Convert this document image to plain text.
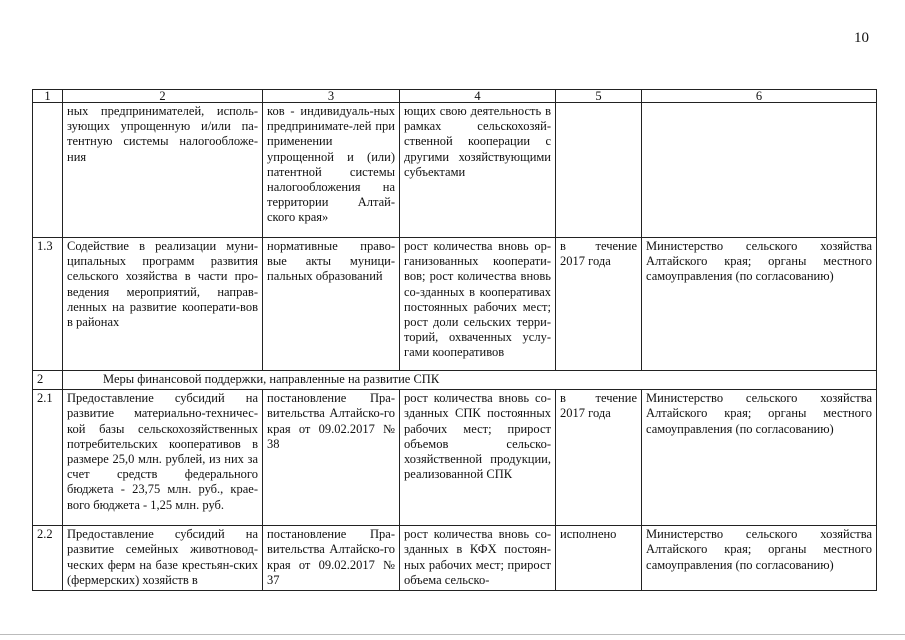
10
1	2	3	4	5	6
	ных предпринимателей, исполь-зующих упрощенную и/или па-тентную системы налогообложе-ния	ков - индивидуаль-ных предпринимате-лей при применении упрощенной и (или) патентной системы налогообложения на территории Алтай-ского края»	ющих свою деятельность в рамках сельскохозяй-ственной кооперации с другими хозяйствующими субъектами		
1.3	Содействие в реализации муни-ципальных программ развития сельского хозяйства в части про-ведения мероприятий, направ-ленных на развитие кооперати-вов в районах	нормативные право-вые акты муници-пальных образований	рост количества вновь ор-ганизованных кооперати-вов; рост количества вновь со-зданных в кооперативах постоянных рабочих мест; рост доли сельских терри-торий, охваченных услу-гами кооперативов	в течение 2017 года	Министерство сельского хозяйства Алтайского края; органы местного самоуправления (по согласованию)
2	Меры финансовой поддержки, направленные на развитие СПК				
2.1	Предоставление субсидий на развитие материально-техничес-кой базы сельскохозяйственных потребительских кооперативов в размере 25,0 млн. рублей, из них за счет средств федерального бюджета - 23,75 млн. руб., крае-вого бюджета - 1,25 млн. руб.	постановление Пра-вительства Алтайско-го края от 09.02.2017 № 38	рост количества вновь со-зданных СПК постоянных рабочих мест; прирост объемов сельско-хозяйственной продукции, реализованной СПК	в течение 2017 года	Министерство сельского хозяйства Алтайского края; органы местного самоуправления (по согласованию)
2.2	Предоставление субсидий на развитие семейных животновод-ческих ферм на базе крестьян-ских (фермерских) хозяйств в	постановление Пра-вительства Алтайско-го края от 09.02.2017 № 37	рост количества вновь со-зданных в КФХ постоян-ных рабочих мест; прирост объема сельско-	исполнено	Министерство сельского хозяйства Алтайского края; органы местного самоуправления (по согласованию)
